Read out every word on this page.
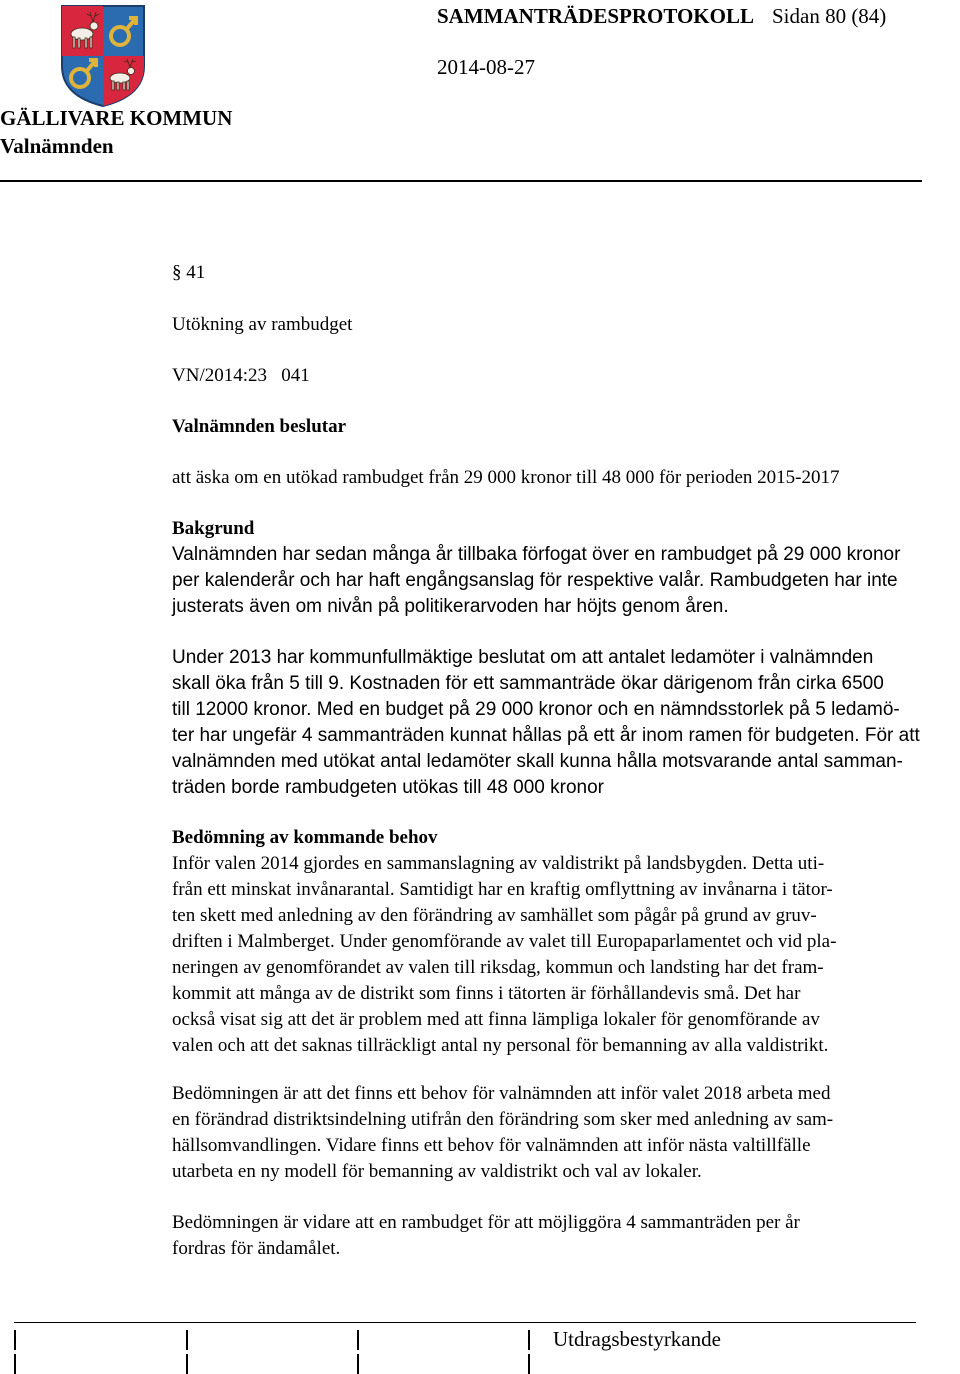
SAMMANTRÄDESPROTOKOLL Sidan 80 (84)
2014-08-27
GÄLLIVARE KOMMUN
Valnämnden
§ 41
Utökning av rambudget
VN/2014:23   041
Valnämnden beslutar
att äska om en utökad rambudget från 29 000 kronor till 48 000 för perioden 2015-2017
Bakgrund
Valnämnden har sedan många år tillbaka förfogat över en rambudget på 29 000 kronor
per kalenderår och har haft engångsanslag för respektive valår. Rambudgeten har inte
justerats även om nivån på politikerarvoden har höjts genom åren.
Under 2013 har kommunfullmäktige beslutat om att antalet ledamöter i valnämnden
skall öka från 5 till 9. Kostnaden för ett sammanträde ökar därigenom från cirka 6500
till 12000 kronor. Med en budget på 29 000 kronor och en nämndsstorlek på 5 ledamö-
ter har ungefär 4 sammanträden kunnat hållas på ett år inom ramen för budgeten. För att
valnämnden med utökat antal ledamöter skall kunna hålla motsvarande antal samman-
träden borde rambudgeten utökas till 48 000 kronor
Bedömning av kommande behov
Inför valen 2014 gjordes en sammanslagning av valdistrikt på landsbygden. Detta uti-
från ett minskat invånarantal. Samtidigt har en kraftig omflyttning av invånarna i tätor-
ten skett med anledning av den förändring av samhället som pågår på grund av gruv-
driften i Malmberget. Under genomförande av valet till Europaparlamentet och vid pla-
neringen av genomförandet av valen till riksdag, kommun och landsting har det fram-
kommit att många av de distrikt som finns i tätorten är förhållandevis små. Det har
också visat sig att det är problem med att finna lämpliga lokaler för genomförande av
valen och att det saknas tillräckligt antal ny personal för bemanning av alla valdistrikt.
Bedömningen är att det finns ett behov för valnämnden att inför valet 2018 arbeta med
en förändrad distriktsindelning utifrån den förändring som sker med anledning av sam-
hällsomvandlingen. Vidare finns ett behov för valnämnden att inför nästa valtillfälle
utarbeta en ny modell för bemanning av valdistrikt och val av lokaler.
Bedömningen är vidare att en rambudget för att möjliggöra 4 sammanträden per år
fordras för ändamålet.
Utdragsbestyrkande
